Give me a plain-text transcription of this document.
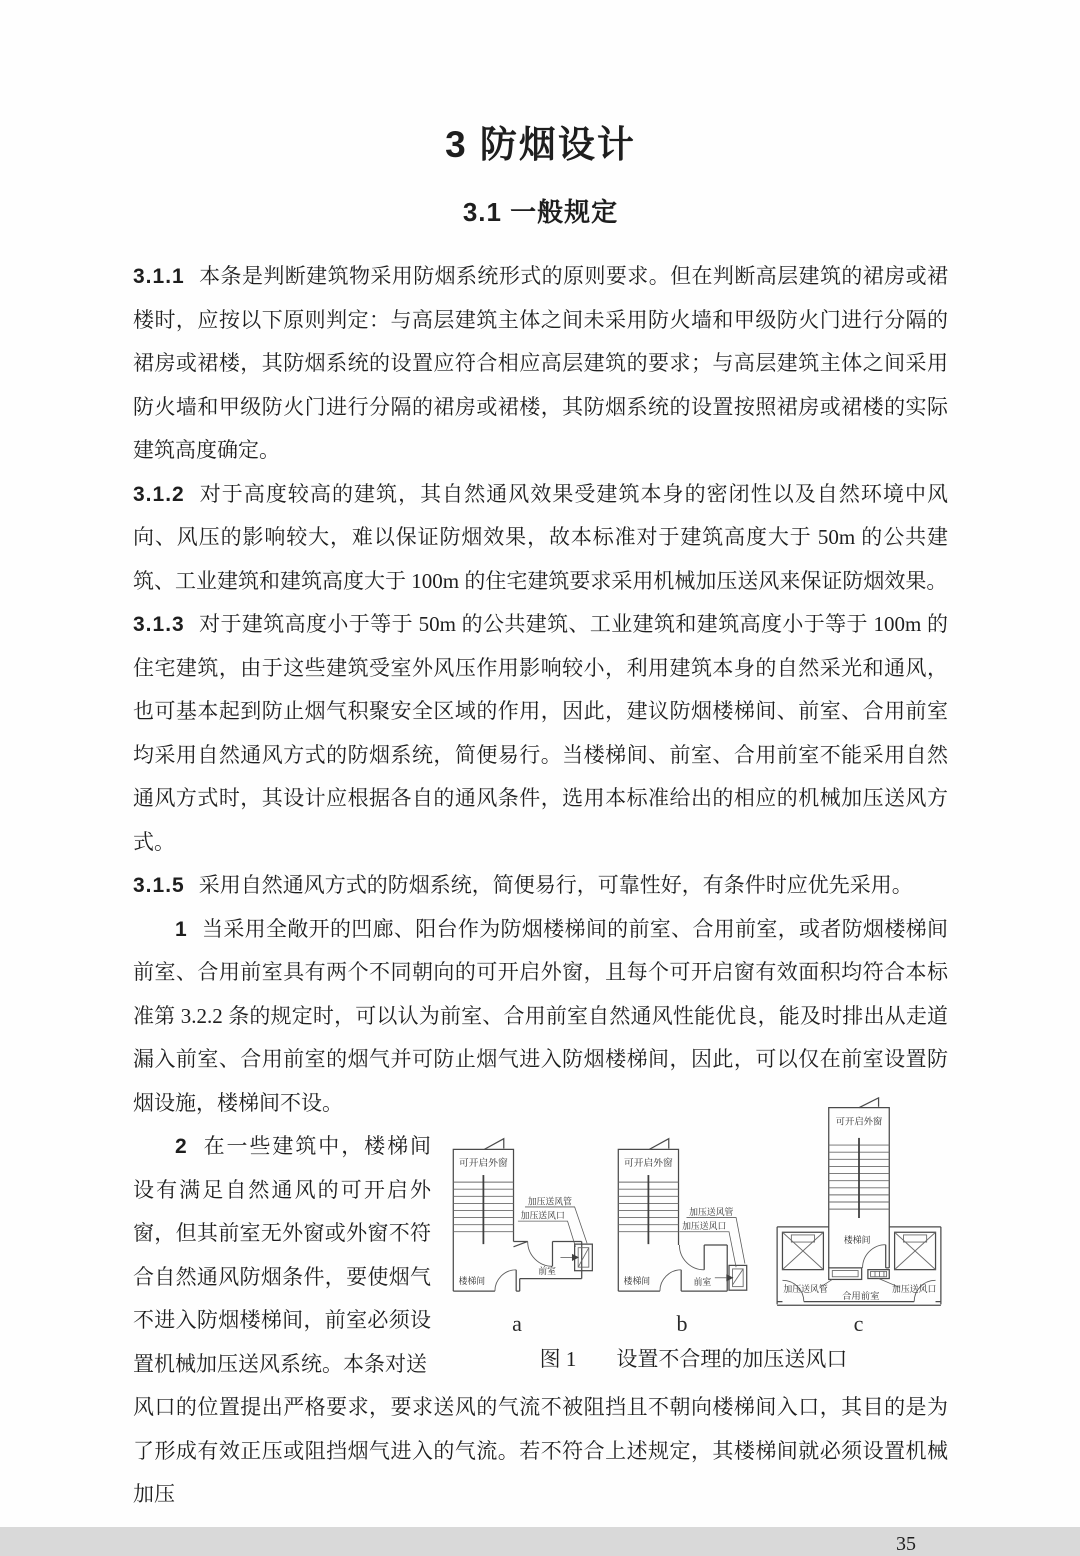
3 防烟设计
3.1 一般规定

3.1.1 本条是判断建筑物采用防烟系统形式的原则要求。但在判断高层建筑的裙房或裙楼时，应按以下原则判定：与高层建筑主体之间未采用防火墙和甲级防火门进行分隔的裙房或裙楼，其防烟系统的设置应符合相应高层建筑的要求；与高层建筑主体之间采用防火墙和甲级防火门进行分隔的裙房或裙楼，其防烟系统的设置按照裙房或裙楼的实际建筑高度确定。

3.1.2 对于高度较高的建筑，其自然通风效果受建筑本身的密闭性以及自然环境中风向、风压的影响较大，难以保证防烟效果，故本标准对于建筑高度大于 50m 的公共建筑、工业建筑和建筑高度大于 100m 的住宅建筑要求采用机械加压送风来保证防烟效果。

3.1.3 对于建筑高度小于等于 50m 的公共建筑、工业建筑和建筑高度小于等于 100m 的住宅建筑，由于这些建筑受室外风压作用影响较小，利用建筑本身的自然采光和通风，也可基本起到防止烟气积聚安全区域的作用，因此，建议防烟楼梯间、前室、合用前室均采用自然通风方式的防烟系统，简便易行。当楼梯间、前室、合用前室不能采用自然通风方式时，其设计应根据各自的通风条件，选用本标准给出的相应的机械加压送风方式。

3.1.5 采用自然通风方式的防烟系统，简便易行，可靠性好，有条件时应优先采用。

1 当采用全敞开的凹廊、阳台作为防烟楼梯间的前室、合用前室，或者防烟楼梯间前室、合用前室具有两个不同朝向的可开启外窗，且每个可开启窗有效面积均符合本标准第 3.2.2 条的规定时，可以认为前室、合用前室自然通风性能优良，能及时排出从走道漏入前室、合用前室的烟气并可防止烟气进入防烟楼梯间，因此，可以仅在前室设置防烟设施，楼梯间不设。

2 在一些建筑中，楼梯间设有满足自然通风的可开启外窗，但其前室无外窗或外窗不符合自然通风防烟条件，要使烟气不进入防烟楼梯间，前室必须设置机械加压送风系统。本条对送

可开启外窗
楼梯间
前室
加压送风管
加压送风口
a
可开启外窗
楼梯间	前室
加压送风管
加压送风口
b
可开启外窗
楼梯间
加压送风管	加压送风口
合用前室
c
图 1 设置不合理的加压送风口

风口的位置提出严格要求，要求送风的气流不被阻挡且不朝向楼梯间入口，其目的是为了形成有效正压或阻挡烟气进入的气流。若不符合上述规定，其楼梯间就必须设置机械加压

35
